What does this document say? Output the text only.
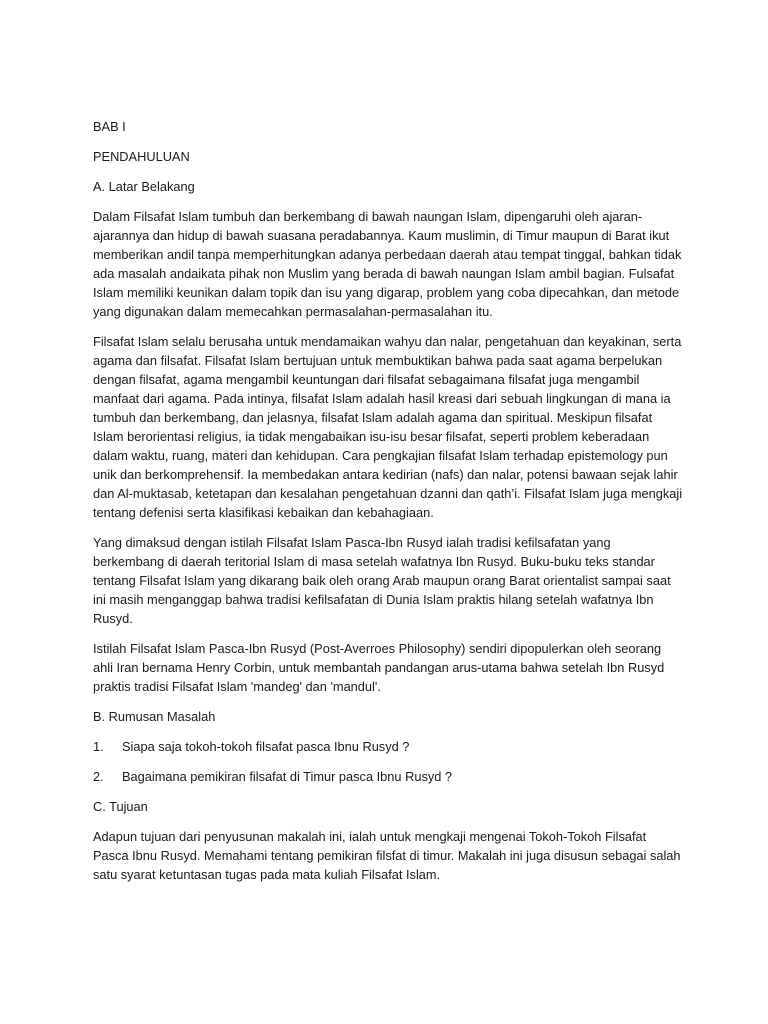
BAB I

PENDAHULUAN

A. Latar Belakang

Dalam Filsafat Islam tumbuh dan berkembang di bawah naungan Islam, dipengaruhi oleh ajaran-ajarannya dan hidup di bawah suasana peradabannya. Kaum muslimin, di Timur maupun di Barat ikut memberikan andil tanpa memperhitungkan adanya perbedaan daerah atau tempat tinggal, bahkan tidak ada masalah andaikata pihak non Muslim yang berada di bawah naungan Islam ambil bagian. Fulsafat Islam memiliki keunikan dalam topik dan isu yang digarap, problem yang coba dipecahkan, dan metode yang digunakan dalam memecahkan permasalahan-permasalahan itu.

Filsafat Islam selalu berusaha untuk mendamaikan wahyu dan nalar, pengetahuan dan keyakinan, serta agama dan filsafat. Filsafat Islam bertujuan untuk membuktikan bahwa pada saat agama berpelukan dengan filsafat, agama mengambil keuntungan dari filsafat sebagaimana filsafat juga mengambil manfaat dari agama. Pada intinya, filsafat Islam adalah hasil kreasi dari sebuah lingkungan di mana ia tumbuh dan berkembang, dan jelasnya, filsafat Islam adalah agama dan spiritual. Meskipun filsafat Islam berorientasi religius, ia tidak mengabaikan isu-isu besar filsafat, seperti problem keberadaan dalam waktu, ruang, materi dan kehidupan. Cara pengkajian filsafat Islam terhadap epistemology pun unik dan berkomprehensif. Ia membedakan antara kedirian (nafs) dan nalar, potensi bawaan sejak lahir dan Al-muktasab, ketetapan dan kesalahan pengetahuan dzanni dan qath’i. Filsafat Islam juga mengkaji tentang defenisi serta klasifikasi kebaikan dan kebahagiaan.

Yang dimaksud dengan istilah Filsafat Islam Pasca-Ibn Rusyd ialah tradisi kefilsafatan yang berkembang di daerah teritorial Islam di masa setelah wafatnya Ibn Rusyd. Buku-buku teks standar tentang Filsafat Islam yang dikarang baik oleh orang Arab maupun orang Barat orientalist sampai saat ini masih menganggap bahwa tradisi kefilsafatan di Dunia Islam praktis hilang setelah wafatnya Ibn Rusyd.

Istilah Filsafat Islam Pasca-Ibn Rusyd (Post-Averroes Philosophy) sendiri dipopulerkan oleh seorang ahli Iran bernama Henry Corbin, untuk membantah pandangan arus-utama bahwa setelah Ibn Rusyd praktis tradisi Filsafat Islam 'mandeg' dan 'mandul'.

B. Rumusan Masalah

1.	Siapa saja tokoh-tokoh filsafat pasca Ibnu Rusyd ?

2.	Bagaimana pemikiran filsafat di Timur pasca Ibnu Rusyd ?

C. Tujuan

Adapun tujuan dari penyusunan makalah ini, ialah untuk mengkaji mengenai Tokoh-Tokoh Filsafat Pasca Ibnu Rusyd. Memahami tentang pemikiran filsfat di timur. Makalah ini juga disusun sebagai salah satu syarat ketuntasan tugas pada mata kuliah Filsafat Islam.
